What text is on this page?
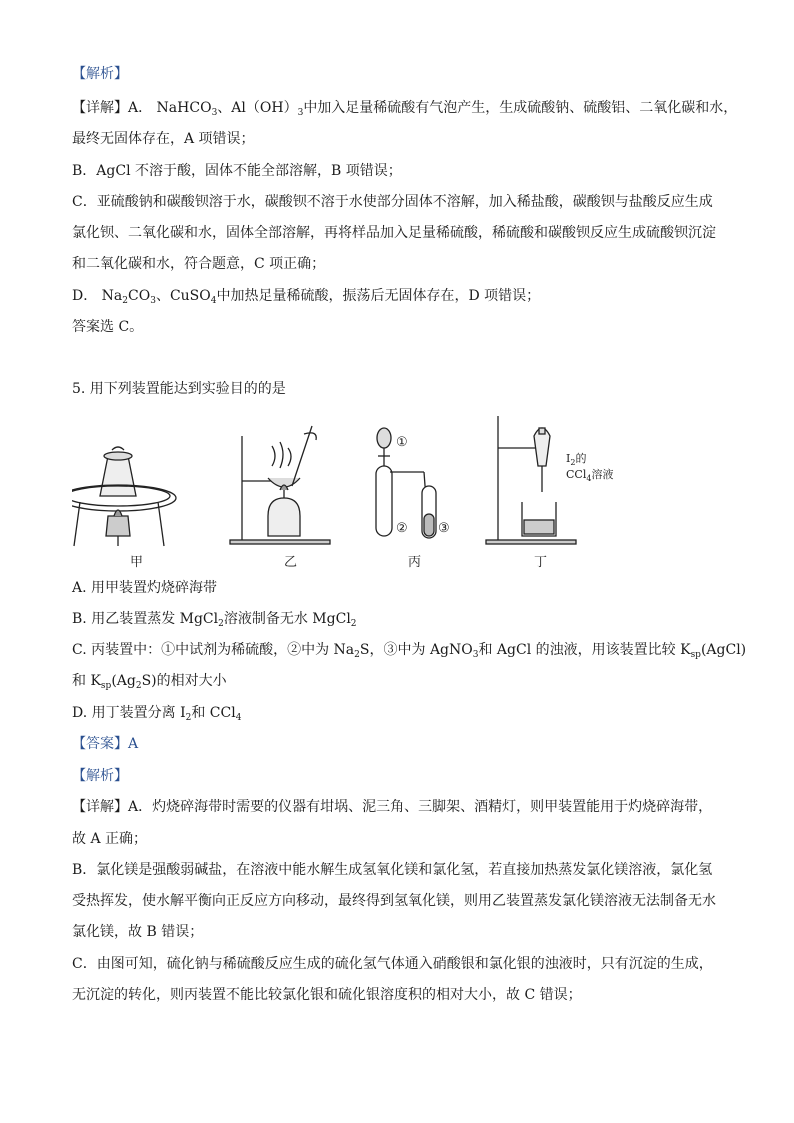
【解析】
【详解】A． NaHCO$_3$、$Al(OH)_3$中加入足量稀硫酸有气泡产生，生成硫酸钠、硫酸铝、二氧化碳和水，
最终无固体存在，A 项错误；
B．AgCl 不溶于酸，固体不能全部溶解，B 项错误；
C．亚硫酸钠和碳酸钡溶于水，碳酸钡不溶于水使部分固体不溶解，加入稀盐酸，碳酸钡与盐酸反应生成
氯化钡、二氧化碳和水，固体全部溶解，再将样品加入足量稀硫酸，稀硫酸和碳酸钡反应生成硫酸钡沉淀
和二氧化碳和水，符合题意，C 项正确；
D． $Na_2CO_3$、CuSO$_4$中加热足量稀硫酸，振荡后无固体存在，D 项错误；
答案选 C。
5. 用下列装置能达到实验目的的是
甲	乙	丙	丁
①
② ③
$I_2$的
CCl$_4$溶液
A. 用甲装置灼烧碎海带
B. 用乙装置蒸发 MgCl$_2$溶液制备无水 MgCl$_2$
C. 丙装置中：①中试剂为稀硫酸，②中为 $Na_2S$，③中为 AgNO$_3$和 AgCl 的浊液，用该装置比较 $K_{sp}(AgCl)$
和 $K_{sp}(Ag_2S)$的相对大小
D. 用丁装置分离 $I_2$和 CCl$_4$
【答案】A
【解析】
【详解】A．灼烧碎海带时需要的仪器有坩埚、泥三角、三脚架、酒精灯，则甲装置能用于灼烧碎海带，
故 A 正确；
B．氯化镁是强酸弱碱盐，在溶液中能水解生成氢氧化镁和氯化氢，若直接加热蒸发氯化镁溶液，氯化氢
受热挥发，使水解平衡向正反应方向移动，最终得到氢氧化镁，则用乙装置蒸发氯化镁溶液无法制备无水
氯化镁，故 B 错误；
C．由图可知，硫化钠与稀硫酸反应生成的硫化氢气体通入硝酸银和氯化银的浊液时，只有沉淀的生成，
无沉淀的转化，则丙装置不能比较氯化银和硫化银溶度积的相对大小，故 C 错误；
